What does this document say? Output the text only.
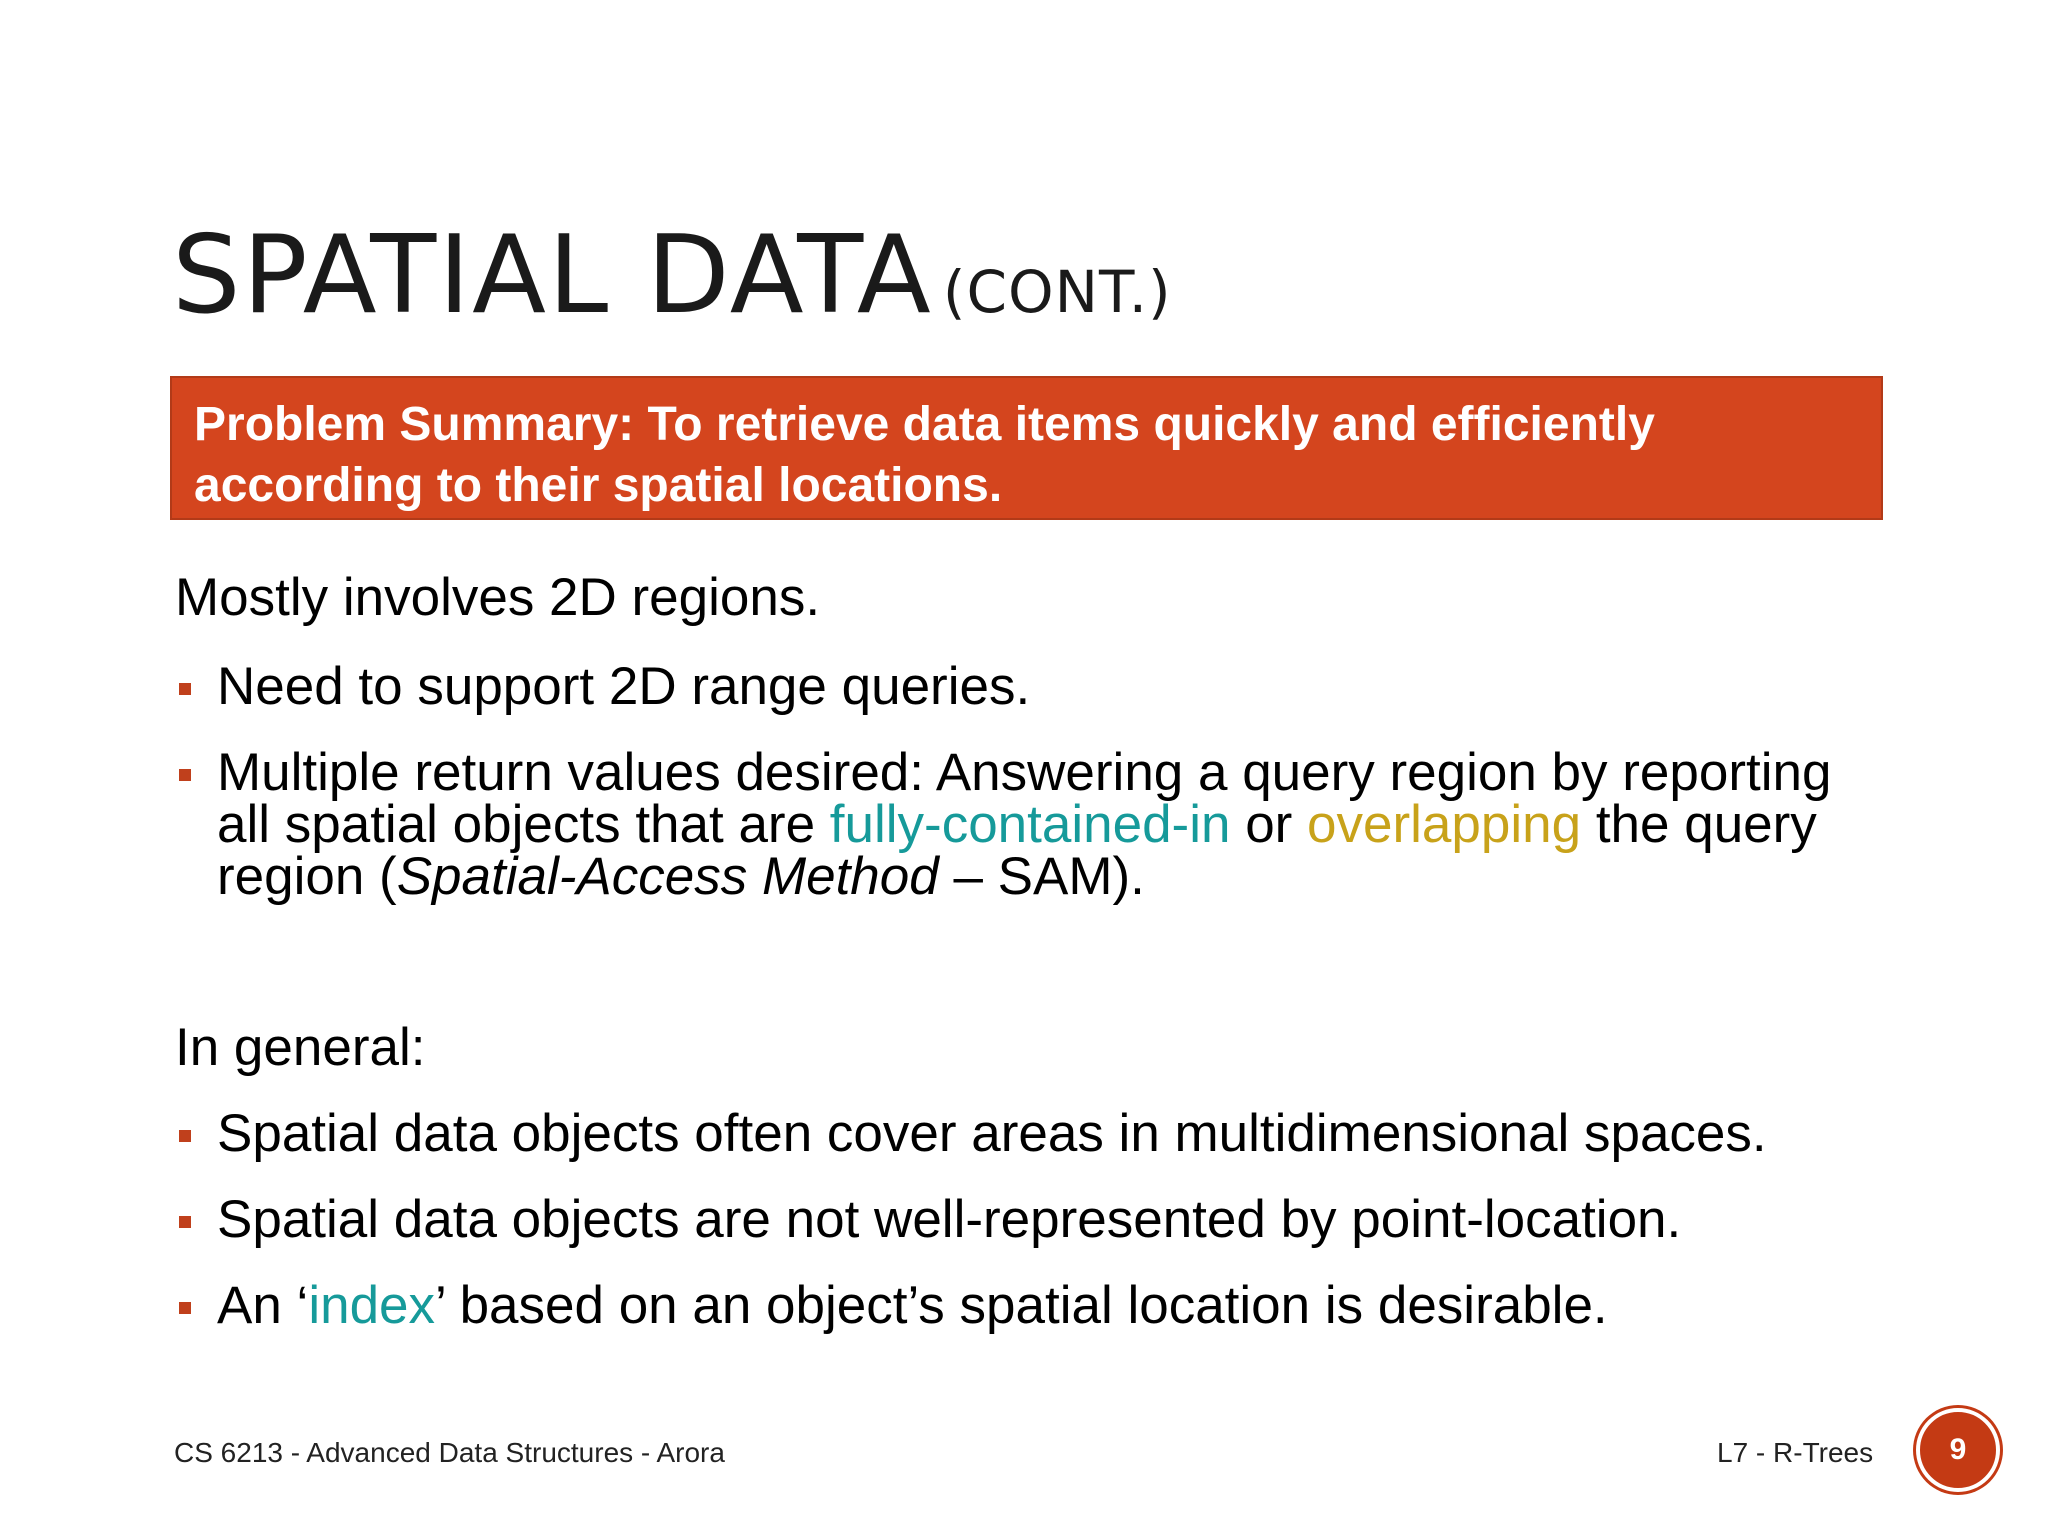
SPATIAL DATA (CONT.)
Problem Summary: To retrieve data items quickly and efficiently
according to their spatial locations.

Mostly involves 2D regions.

Need to support 2D range queries.
Multiple return values desired: Answering a query region by reporting all spatial objects that are fully-contained-in or overlapping the query region (Spatial-Access Method – SAM).

In general:

Spatial data objects often cover areas in multidimensional spaces.
Spatial data objects are not well-represented by point-location.
An ‘index’ based on an object’s spatial location is desirable.
CS 6213 - Advanced Data Structures - Arora	L7 - R-Trees	9
